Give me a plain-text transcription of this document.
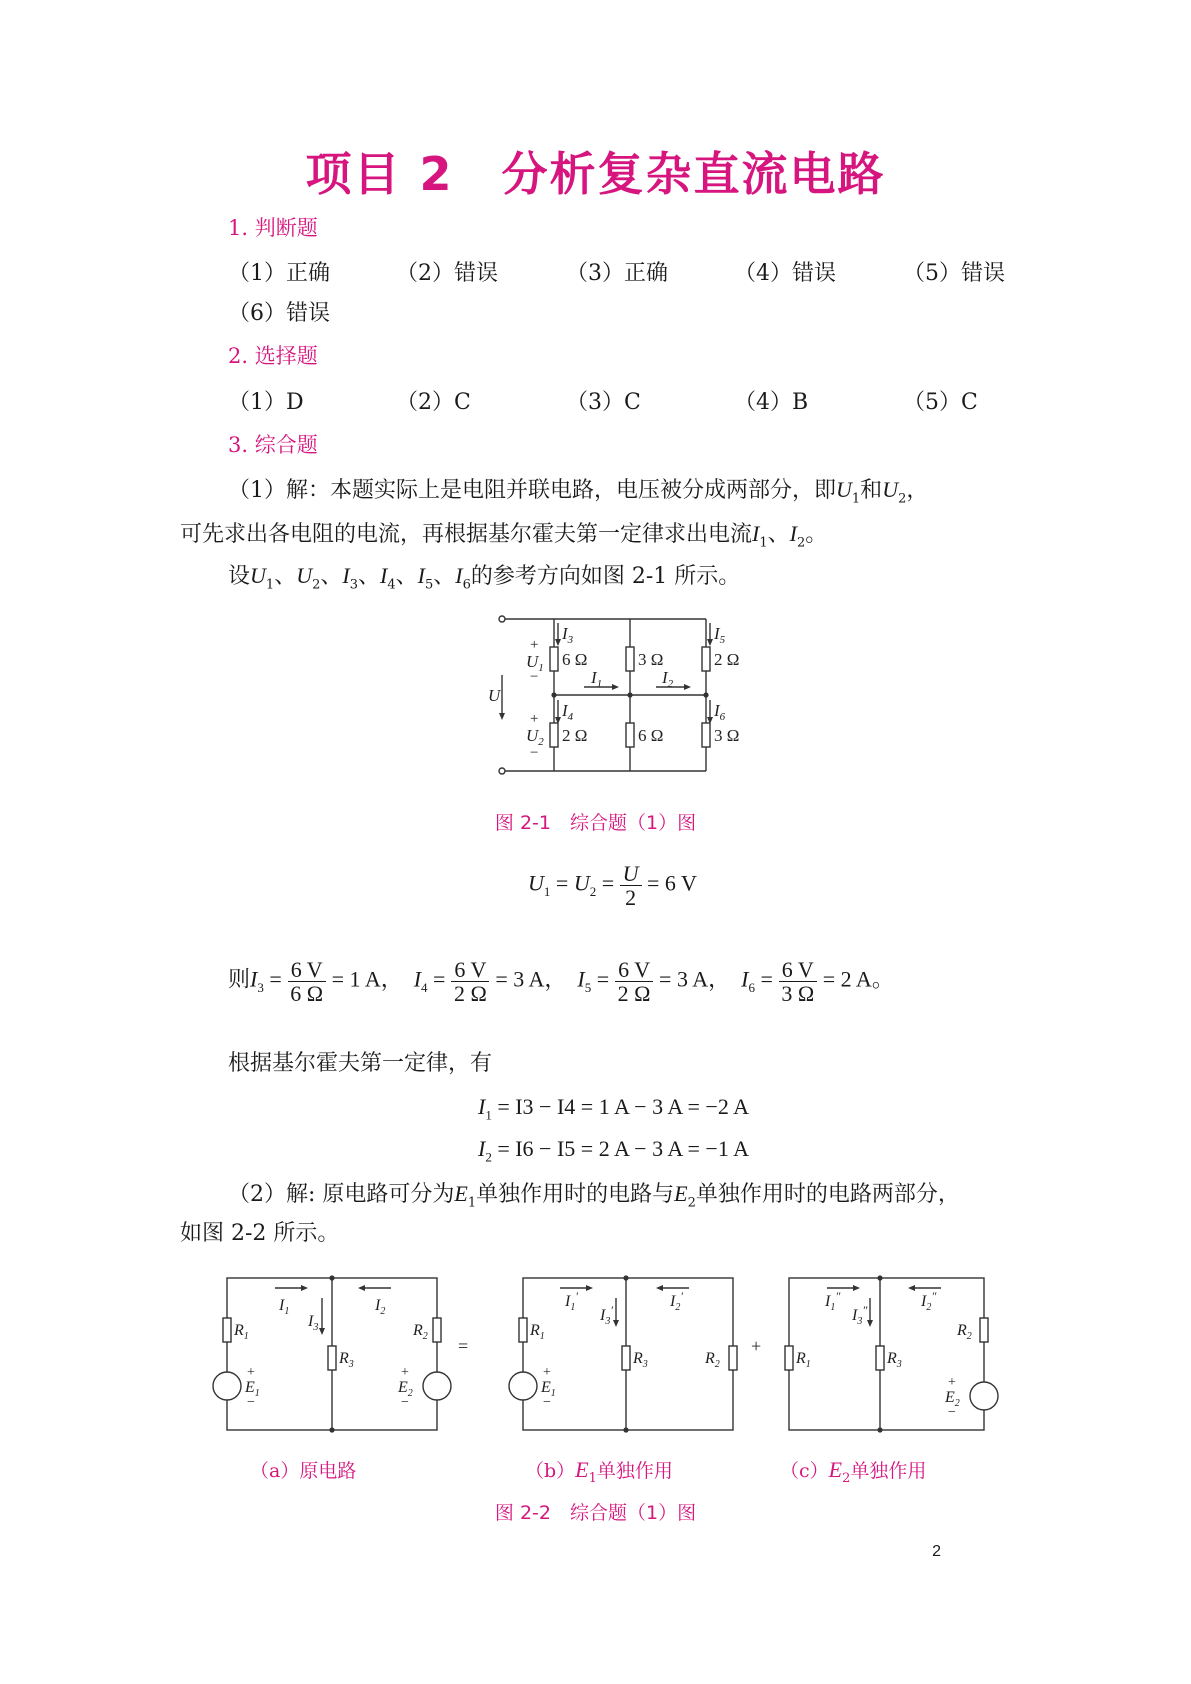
项目 2　分析复杂直流电路
1. 判断题
（1）正确	（2）错误	（3）正确	（4）错误	（5）错误
（6）错误
2. 选择题
（1）D	（2）C	（3）C	（4）B	（5）C
3. 综合题
（1）解：本题实际上是电阻并联电路，电压被分成两部分，即$U_1$和$U_2$，
可先求出各电阻的电流，再根据基尔霍夫第一定律求出电流$I_1$、$I_2$。
设$U_1$、$U_2$、$I_3$、$I_4$、$I_5$、$I_6$的参考方向如图 2-1 所示。
$I_3$	$I_5$
$I_4$	$I_6$
$I_1$	$I_2$
+
$U_1$
−
+
$U_2$
−
U
6 Ω	3 Ω	2 Ω
2 Ω	6 Ω	3 Ω
图 2-1　综合题（1）图
$U_1 = U_2 = \frac{U}{2} = 6$ V
则$I_3 = \frac{6 V}{6 \Omega} = 1$ A，　$I_4 = \frac{6 V}{2 \Omega} = 3$ A，　$I_5 = \frac{6 V}{2 \Omega} = 3$ A，　$I_6 = \frac{6 V}{3 \Omega} = 2$ A。
根据基尔霍夫第一定律，有
$I_1 = I3 - I4 = 1$ A − 3 A = −2 A
$I_2 = I6 - I5 = 2$ A − 3 A = −1 A
（2）解: 原电路可分为$E_1$单独作用时的电路与$E_2$单独作用时的电路两部分，
如图 2-2 所示。
$I_1$	$I_2$
$I_3$
$R_1$
$R_3$
$R_2$
+
$E_1$
−
+
$E_2$
−
=
$I_1'$	$I_2'$
$I_3'$
$R_1$
$R_3$	$R_2$
+
$E_1$
−
+
$I_1''$	$I_2''$
$I_3''$
$R_1$	$R_3$
$R_2$
+
$E_2$
−
（a）原电路	$(b)E_1$单独作用	$(c)E_2$单独作用
图 2-2　综合题（1）图
2
